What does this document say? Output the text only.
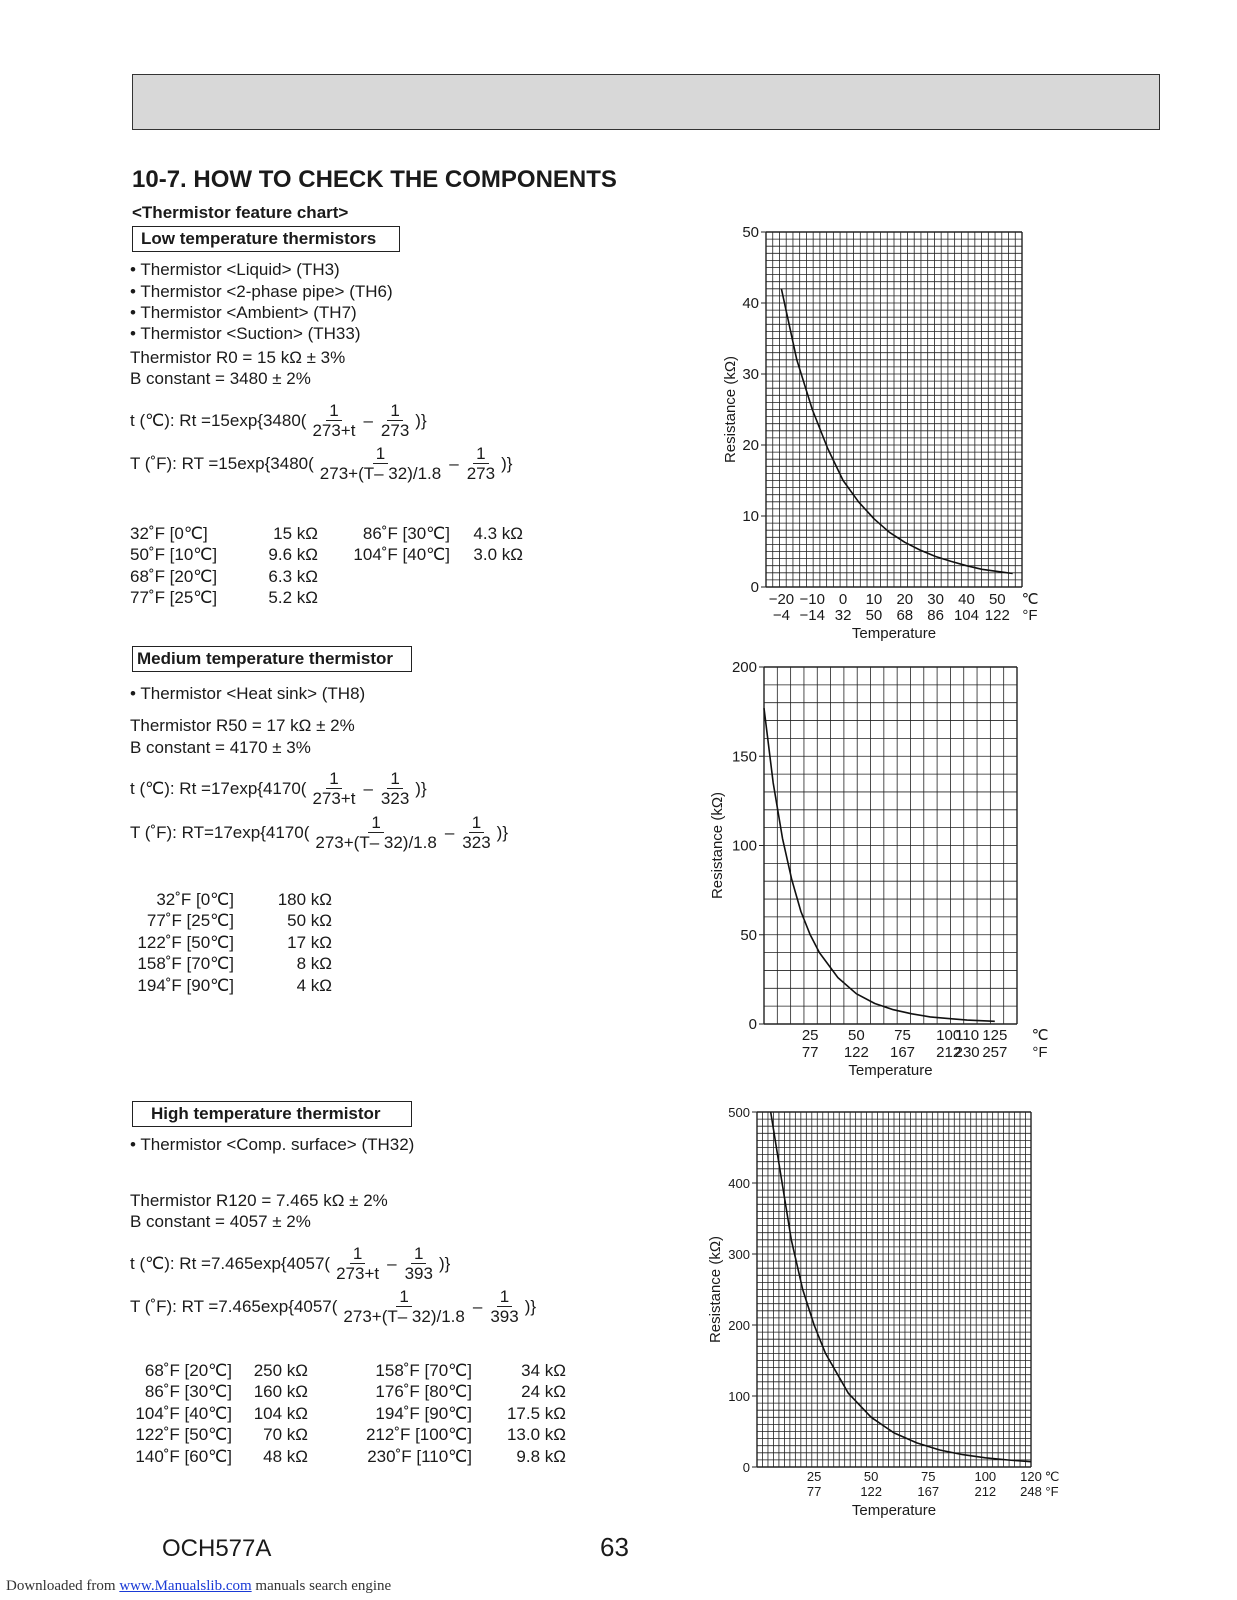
10-7. HOW TO CHECK THE COMPONENTS
<Thermistor feature chart>
Low temperature thermistors
• Thermistor <Liquid> (TH3)
• Thermistor <2-phase pipe> (TH6)
• Thermistor <Ambient> (TH7)
• Thermistor <Suction> (TH33)
Thermistor R0 = 15 kΩ ± 3%
B constant = 3480 ± 2%
t (℃): $Rt =15\exp\{3480( \frac{1}{273+t} - \frac{1}{273}$ )}
T (˚F): RT $=15\exp\{3480( \frac{1}{273+(T- 32)/1.8} - \frac{1}{273}$ )}
32˚F [0℃]	15 kΩ	86˚F [30℃]	4.3 kΩ
50˚F [10℃]	9.6 kΩ	104˚F [40℃]	3.0 kΩ
68˚F [20℃]	6.3 kΩ		
77˚F [25℃]	5.2 kΩ		
Medium temperature thermistor
• Thermistor <Heat sink> (TH8)
Thermistor R50 = 17 kΩ ± 2%
B constant = 4170 ± 3%
t (℃): $Rt =17\exp\{4170( \frac{1}{273+t} - \frac{1}{323}$ )}
T (˚F): $RT=17\exp\{4170( \frac{1}{273+(T- 32)/1.8} - \frac{1}{323}$ )}
32˚F [0℃]	180 kΩ
77˚F [25℃]	50 kΩ
122˚F [50℃]	17 kΩ
158˚F [70℃]	8 kΩ
194˚F [90℃]	4 kΩ
High temperature thermistor
• Thermistor <Comp. surface> (TH32)
Thermistor R120 = 7.465 kΩ ± 2%
B constant = 4057 ± 2%
t (℃): $Rt =7.465\exp\{4057( \frac{1}{273+t} - \frac{1}{393}$ )}
T (˚F): RT $=7.465\exp\{4057( \frac{1}{273+(T- 32)/1.8} - \frac{1}{393}$ )}
68˚F [20℃]	250 kΩ	158˚F [70℃]	34 kΩ
86˚F [30℃]	160 kΩ	176˚F [80℃]	24 kΩ
104˚F [40℃]	104 kΩ	194˚F [90℃]	17.5 kΩ
122˚F [50℃]	70 kΩ	212˚F [100℃]	13.0 kΩ
140˚F [60℃]	48 kΩ	230˚F [110℃]	9.8 kΩ
0
10
20
30
40
50
−20
−4
−10
−14
0
32
10
50
20
68
30
86
40
104
50
122
℃
°F
Temperature
Resistance (kΩ)
0
50
100
150
200
25
77
50
122
75
167
100
212
110
230
125
257
℃
°F
Temperature
Resistance (kΩ)
0
100
200
300
400
500
25
77
50
122
75
167
100
212
120
248
℃
°F
Temperature
Resistance (kΩ)
OCH577A	63
Downloaded from www.Manualslib.com manuals search engine
